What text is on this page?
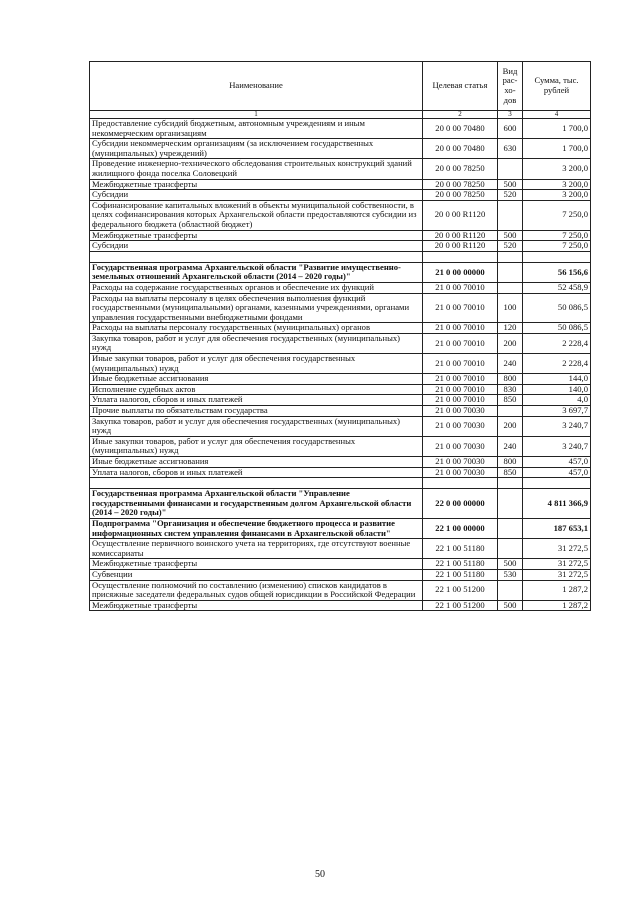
Наименование	Целевая статья	Вид рас-хо-дов	Сумма, тыс. рублей
1	2	3	4
Предоставление субсидий бюджетным, автономным учреждениям и иным некоммерческим организациям	20 0 00 70480	600	1 700,0
Субсидии некоммерческим организациям (за исключением государственных (муниципальных) учреждений)	20 0 00 70480	630	1 700,0
Проведение инженерно-технического обследования строительных конструкций зданий жилищного фонда поселка Соловецкий	20 0 00 78250		3 200,0
Межбюджетные трансферты	20 0 00 78250	500	3 200,0
Субсидии	20 0 00 78250	520	3 200,0
Софинансирование капитальных вложений в объекты муниципальной собственности, в целях софинансирования которых Архангельской области предоставляются субсидии из федерального бюджета (областной бюджет)	20 0 00 R1120		7 250,0
Межбюджетные трансферты	20 0 00 R1120	500	7 250,0
Субсидии	20 0 00 R1120	520	7 250,0

Государственная программа Архангельской области "Развитие имущественно-земельных отношений Архангельской области (2014 – 2020 годы)"	21 0 00 00000		56 156,6
Расходы на содержание государственных органов и обеспечение их функций	21 0 00 70010		52 458,9
Расходы на выплаты персоналу в целях обеспечения выполнения функций государственными (муниципальными) органами, казенными учреждениями, органами управления государственными внебюджетными фондами	21 0 00 70010	100	50 086,5
Расходы на выплаты персоналу государственных (муниципальных) органов	21 0 00 70010	120	50 086,5
Закупка товаров, работ и услуг для обеспечения государственных (муниципальных) нужд	21 0 00 70010	200	2 228,4
Иные закупки товаров, работ и услуг для обеспечения государственных (муниципальных) нужд	21 0 00 70010	240	2 228,4
Иные бюджетные ассигнования	21 0 00 70010	800	144,0
Исполнение судебных актов	21 0 00 70010	830	140,0
Уплата налогов, сборов и иных платежей	21 0 00 70010	850	4,0
Прочие выплаты по обязательствам государства	21 0 00 70030		3 697,7
Закупка товаров, работ и услуг для обеспечения государственных (муниципальных) нужд	21 0 00 70030	200	3 240,7
Иные закупки товаров, работ и услуг для обеспечения государственных (муниципальных) нужд	21 0 00 70030	240	3 240,7
Иные бюджетные ассигнования	21 0 00 70030	800	457,0
Уплата налогов, сборов и иных платежей	21 0 00 70030	850	457,0

Государственная программа Архангельской области "Управление государственными финансами и государственным долгом Архангельской области (2014 – 2020 годы)"	22 0 00 00000		4 811 366,9
Подпрограмма "Организация и обеспечение бюджетного процесса и развитие информационных систем управления финансами в Архангельской области"	22 1 00 00000		187 653,1
Осуществление первичного воинского учета на территориях, где отсутствуют военные комиссариаты	22 1 00 51180		31 272,5
Межбюджетные трансферты	22 1 00 51180	500	31 272,5
Субвенции	22 1 00 51180	530	31 272,5
Осуществление полномочий по составлению (изменению) списков кандидатов в присяжные заседатели федеральных судов общей юрисдикции в Российской Федерации	22 1 00 51200		1 287,2
Межбюджетные трансферты	22 1 00 51200	500	1 287,2
50
